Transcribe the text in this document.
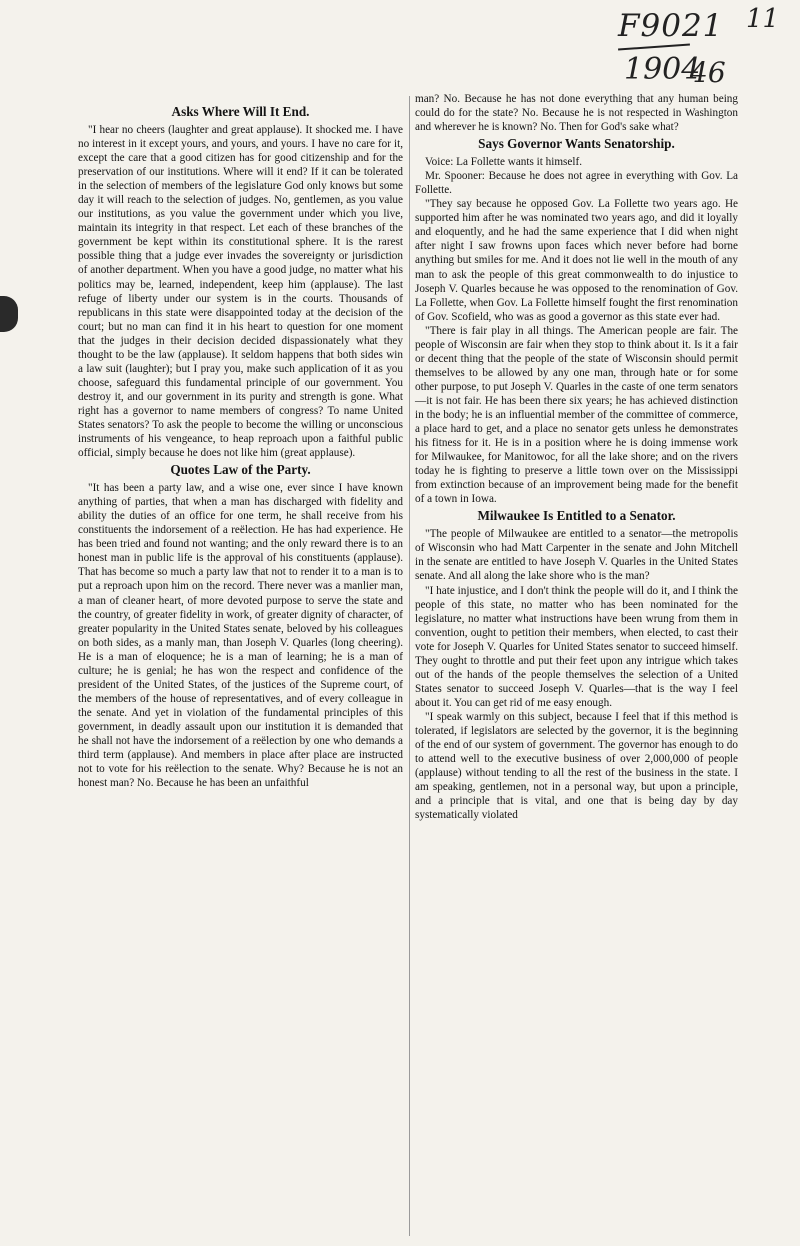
F9021
1904
46
11
Asks Where Will It End.

"I hear no cheers (laughter and great applause). It shocked me. I have no interest in it except yours, and yours, and yours. I have no care for it, except the care that a good citizen has for good citizenship and for the preservation of our institutions. Where will it end? If it can be tolerated in the selection of members of the legislature God only knows but some day it will reach to the selection of judges. No, gentlemen, as you value our institutions, as you value the government under which you live, maintain its integrity in that respect. Let each of these branches of the government be kept within its constitutional sphere. It is the rarest possible thing that a judge ever invades the sovereignty or jurisdiction of another department. When you have a good judge, no matter what his politics may be, learned, independent, keep him (applause). The last refuge of liberty under our system is in the courts. Thousands of republicans in this state were disappointed today at the decision of the court; but no man can find it in his heart to question for one moment that the judges in their decision decided dispassionately what they thought to be the law (applause). It seldom happens that both sides win a law suit (laughter); but I pray you, make such application of it as you choose, safeguard this fundamental principle of our government. You destroy it, and our government in its purity and strength is gone. What right has a governor to name members of congress? To name United States senators? To ask the people to become the willing or unconscious instruments of his vengeance, to heap reproach upon a faithful public official, simply because he does not like him (great applause).

Quotes Law of the Party.

"It has been a party law, and a wise one, ever since I have known anything of parties, that when a man has discharged with fidelity and ability the duties of an office for one term, he shall receive from his constituents the indorsement of a reëlection. He has had experience. He has been tried and found not wanting; and the only reward there is to an honest man in public life is the approval of his constituents (applause). That has become so much a party law that not to render it to a man is to put a reproach upon him on the record. There never was a manlier man, a man of cleaner heart, of more devoted purpose to serve the state and the country, of greater fidelity in work, of greater dignity of character, of greater popularity in the United States senate, beloved by his colleagues on both sides, as a manly man, than Joseph V. Quarles (long cheering). He is a man of eloquence; he is a man of learning; he is a man of culture; he is genial; he has won the respect and confidence of the president of the United States, of the justices of the Supreme court, of the members of the house of representatives, and of every colleague in the senate. And yet in violation of the fundamental principles of this government, in deadly assault upon our institution it is demanded that he shall not have the indorsement of a reëlection by one who demands a third term (applause). And members in place after place are instructed not to vote for his reëlection to the senate. Why? Because he is not an honest man? No. Because he has been an unfaithful

man? No. Because he has not done everything that any human being could do for the state? No. Because he is not respected in Washington and wherever he is known? No. Then for God's sake what?

Says Governor Wants Senatorship.

Voice: La Follette wants it himself.

Mr. Spooner: Because he does not agree in everything with Gov. La Follette.

"They say because he opposed Gov. La Follette two years ago. He supported him after he was nominated two years ago, and did it loyally and eloquently, and he had the same experience that I did when night after night I saw frowns upon faces which never before had borne anything but smiles for me. And it does not lie well in the mouth of any man to ask the people of this great commonwealth to do injustice to Joseph V. Quarles because he was opposed to the renomination of Gov. La Follette, when Gov. La Follette himself fought the first renomination of Gov. Scofield, who was as good a governor as this state ever had.

"There is fair play in all things. The American people are fair. The people of Wisconsin are fair when they stop to think about it. Is it a fair or decent thing that the people of the state of Wisconsin should permit themselves to be allowed by any one man, through hate or for some other purpose, to put Joseph V. Quarles in the caste of one term senators—it is not fair. He has been there six years; he has achieved distinction in the body; he is an influential member of the committee of commerce, a place hard to get, and a place no senator gets unless he demonstrates his fitness for it. He is in a position where he is doing immense work for Milwaukee, for Manitowoc, for all the lake shore; and on the rivers today he is fighting to preserve a little town over on the Mississippi from extinction because of an improvement being made for the benefit of a town in Iowa.

Milwaukee Is Entitled to a Senator.

"The people of Milwaukee are entitled to a senator—the metropolis of Wisconsin who had Matt Carpenter in the senate and John Mitchell in the senate are entitled to have Joseph V. Quarles in the United States senate. And all along the lake shore who is the man?

"I hate injustice, and I don't think the people will do it, and I think the people of this state, no matter who has been nominated for the legislature, no matter what instructions have been wrung from them in convention, ought to petition their members, when elected, to cast their vote for Joseph V. Quarles for United States senator to succeed himself. They ought to throttle and put their feet upon any intrigue which takes out of the hands of the people themselves the selection of a United States senator to succeed Joseph V. Quarles—that is the way I feel about it. You can get rid of me easy enough.

"I speak warmly on this subject, because I feel that if this method is tolerated, if legislators are selected by the governor, it is the beginning of the end of our system of government. The governor has enough to do to attend well to the executive business of over 2,000,000 of people (applause) without tending to all the rest of the business in the state. I am speaking, gentlemen, not in a personal way, but upon a principle, and a principle that is vital, and one that is being day by day systematically violated
